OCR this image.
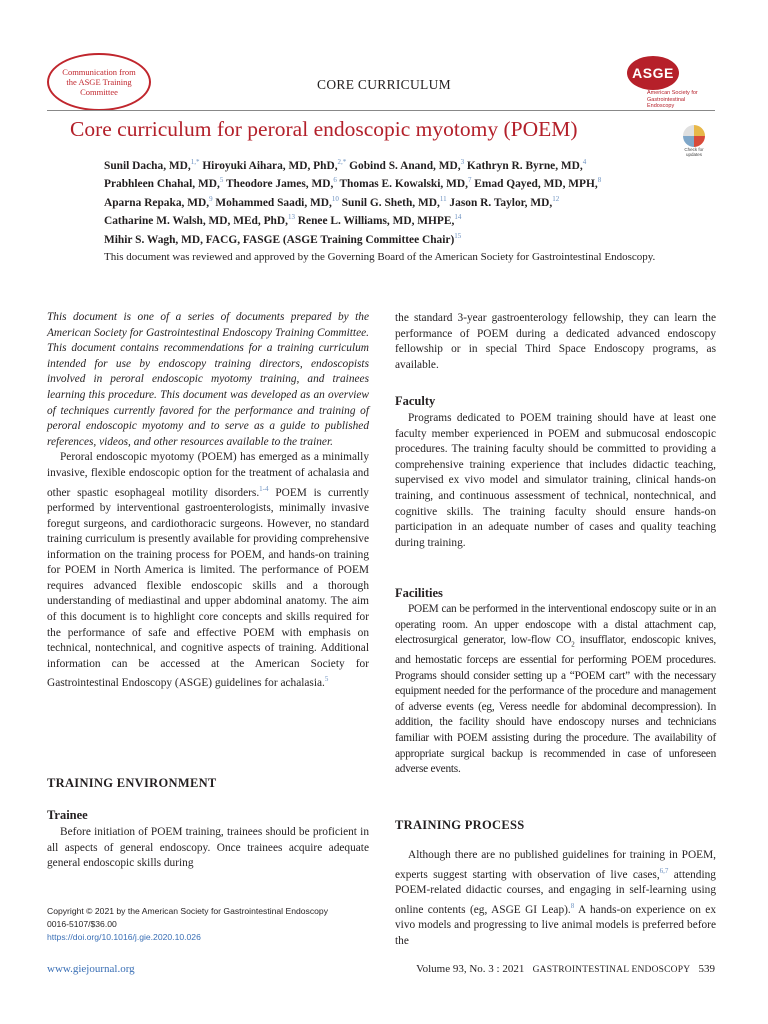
Communication from the ASGE Training Committee	CORE CURRICULUM
ASGE
American Society for Gastrointestinal Endoscopy
Core curriculum for peroral endoscopic myotomy (POEM)
Check for updates
Sunil Dacha, MD,$^{1,*}$ Hiroyuki Aihara, MD, PhD,$^{2,*}$ Gobind S. Anand, MD,$^3$ Kathryn R. Byrne, MD,$^4$
Prabhleen Chahal, MD,$^5$ Theodore James, MD,$^6$ Thomas E. Kowalski, MD,$^7$ Emad Qayed, MD, MPH,$^8$
Aparna Repaka, MD,$^9$ Mohammed Saadi, MD,$^{10}$ Sunil G. Sheth, MD,$^{11}$ Jason R. Taylor, MD,$^{12}$
Catharine M. Walsh, MD, MEd, PhD,$^{13}$ Renee L. Williams, MD, MHPE,$^{14}$
Mihir S. Wagh, MD, FACG, FASGE (ASGE Training Committee Chair)$^{15}$
This document was reviewed and approved by the Governing Board of the American Society for Gastrointestinal Endoscopy.

This document is one of a series of documents prepared by the American Society for Gastrointestinal Endoscopy Training Committee. This document contains recommendations for a training curriculum intended for use by endoscopy training directors, endoscopists involved in peroral endoscopic myotomy training, and trainees learning this procedure. This document was developed as an overview of techniques currently favored for the performance and training of peroral endoscopic myotomy and to serve as a guide to published references, videos, and other resources available to the trainer.

Peroral endoscopic myotomy (POEM) has emerged as a minimally invasive, flexible endoscopic option for the treatment of achalasia and other spastic esophageal motility disorders.$^{1-4}$ POEM is currently performed by interventional gastroenterologists, minimally invasive foregut surgeons, and cardiothoracic surgeons. However, no standard training curriculum is presently available for providing comprehensive information on the training process for POEM, and hands-on training for POEM in North America is limited. The performance of POEM requires advanced flexible endoscopic skills and a thorough understanding of mediastinal and upper abdominal anatomy. The aim of this document is to highlight core concepts and skills required for the performance of safe and effective POEM with emphasis on technical, nontechnical, and cognitive aspects of training. Additional information can be accessed at the American Society for Gastrointestinal Endoscopy (ASGE) guidelines for achalasia.$^5$

TRAINING ENVIRONMENT
Trainee

Before initiation of POEM training, trainees should be proficient in all aspects of general endoscopy. Once trainees acquire adequate general endoscopic skills during

Copyright © 2021 by the American Society for Gastrointestinal Endoscopy
0016-5107/$36.00
https://doi.org/10.1016/j.gie.2020.10.026

the standard 3-year gastroenterology fellowship, they can learn the performance of POEM during a dedicated advanced endoscopy fellowship or in special Third Space Endoscopy programs, as available.

Faculty

Programs dedicated to POEM training should have at least one faculty member experienced in POEM and submucosal endoscopic procedures. The training faculty should be committed to providing a comprehensive training experience that includes didactic teaching, supervised ex vivo model and simulator training, clinical hands-on training, and continuous assessment of technical, nontechnical, and cognitive skills. The training faculty should ensure hands-on participation in an adequate number of cases and quality teaching during training.

Facilities

POEM can be performed in the interventional endoscopy suite or in an operating room. An upper endoscope with a distal attachment cap, electrosurgical generator, low-flow $CO_2$ insufflator, endoscopic knives, and hemostatic forceps are essential for performing POEM procedures. Programs should consider setting up a “POEM cart” with the necessary equipment needed for the performance of the procedure and management of adverse events (eg, Veress needle for abdominal decompression). In addition, the facility should have endoscopy nurses and technicians familiar with POEM assisting during the procedure. The availability of appropriate surgical backup is recommended in case of unforeseen adverse events.

TRAINING PROCESS

Although there are no published guidelines for training in POEM, experts suggest starting with observation of live cases,$^{6,7}$ attending POEM-related didactic courses, and engaging in self-learning using online contents (eg, ASGE GI Leap).$^8$ A hands-on experience on ex vivo models and progressing to live animal models is preferred before the

www.giejournal.org	Volume 93, No. 3 : 2021 GASTROINTESTINAL ENDOSCOPY 539
